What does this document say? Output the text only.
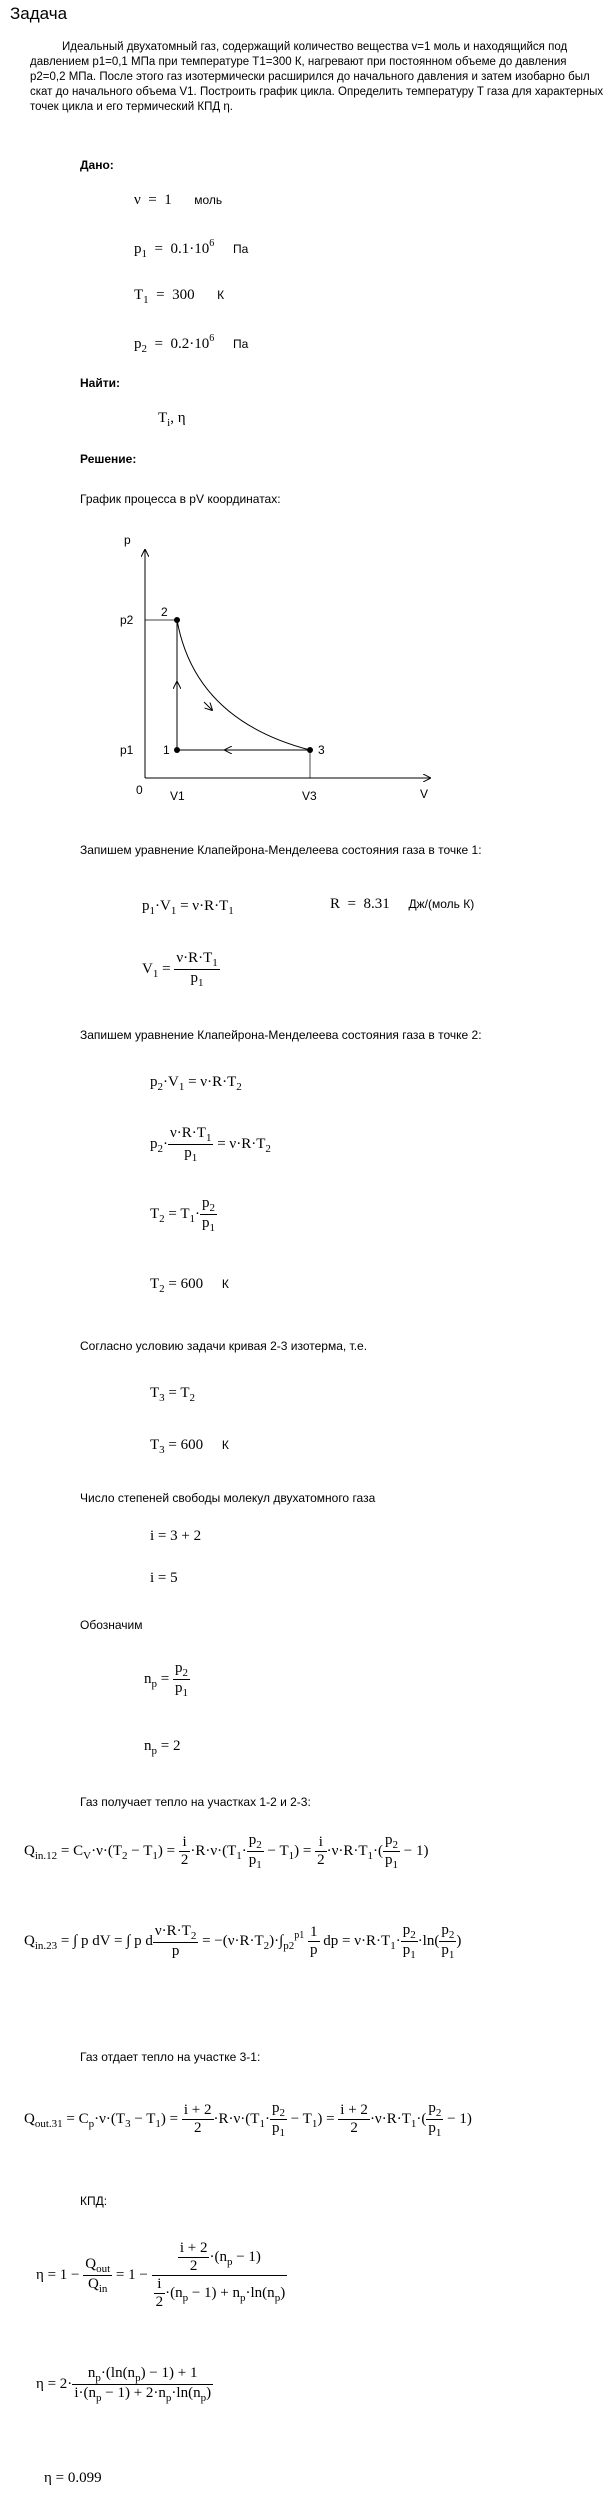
Задача
Идеальный двухатомный газ, содержащий количество вещества v=1 моль и находящийся под давлением p1=0,1 МПа при температуре T1=300 К, нагревают при постоянном объеме до давления p2=0,2 МПа. После этого газ изотермически расширился до начального давления и затем изобарно был скат до начального объема V1. Построить график цикла. Определить температуру T газа для характерных точек цикла и его термический КПД η.
Дано:
ν  =  1 моль
$p_1 = 0.1\cdot 10^6$ Па
$T_1 = 300$ К
$p_2 = 0.2\cdot 10^6$ Па
Найти:
$T_i$, η
Решение:
График процесса в pV координатах:
p
V
p2
p1
0 V1	V3
2
1	3
Запишем уравнение Клапейрона-Менделеева состояния газа в точке 1:
$p_1\cdot V_1 = \nu\cdot R\cdot T_1$	R  =  8.31 Дж/(моль К)
$V_1 = \frac{\nu\cdot R\cdot T_1}{p_1}$
Запишем уравнение Клапейрона-Менделеева состояния газа в точке 2:
$p_2\cdot V_1 = \nu\cdot R\cdot T_2$
$p_2\cdot \frac{\nu\cdot R\cdot T_1}{p_1} = \nu\cdot R\cdot T_2$
$T_2 = T_1\cdot \frac{p_2}{p_1}$
$T_2 = 600$ К
Согласно условию задачи кривая 2-3 изотерма, т.е.
$T_3 = T_2$
$T_3 = 600$ К
Число степеней свободы молекул двухатомного газа
i = 3 + 2
i = 5
Обозначим
$n_p = \frac{p_2}{p_1}$
$n_p = 2$
Газ получает тепло на участках 1-2 и 2-3:
$Q_{in.12} = C_V\cdot\nu\cdot(T_2 - T_1) = \frac{i}{2} \cdot R\cdot\nu\cdot(T_1\cdot \frac{p_2}{p_1} - T_1) = \frac{i}{2} \cdot\nu\cdot R\cdot T_1\cdot( \frac{p_2}{p_1} - 1)$
$Q_{in.23}$ = ∫ p dV = ∫ p d $\frac{\nu\cdot R\cdot T_2}{p} = -(\nu\cdot R\cdot T_2)\cdot\int_{p2}^{p1} \frac{1}{p}$ dp = $\nu\cdot R\cdot T_1\cdot \frac{p_2}{p_1} \cdot\ln( \frac{p_2}{p_1}$ )
Газ отдает тепло на участке 3-1:
$Q_{out.31} = C_p\cdot\nu\cdot(T_3 - T_1) = \frac{i + 2}{2} \cdot R\cdot\nu\cdot(T_1\cdot \frac{p_2}{p_1} - T_1) = \frac{i + 2}{2} \cdot\nu\cdot R\cdot T_1\cdot( \frac{p_2}{p_1} - 1)$
КПД:
$\eta = 1 - \frac{Q_{out}}{Q_{in}} = 1 - \frac{\frac{i + 2}{2} \cdot(n_p - 1)}{\frac{i}{2} \cdot(n_p - 1) + n_p\cdot\ln(n_p)}$
$\eta = 2\cdot \frac{n_p\cdot(\ln(n_p) - 1) + 1}{i\cdot(n_p - 1) + 2\cdot n_p\cdot\ln(n_p)}$
η = 0.099
